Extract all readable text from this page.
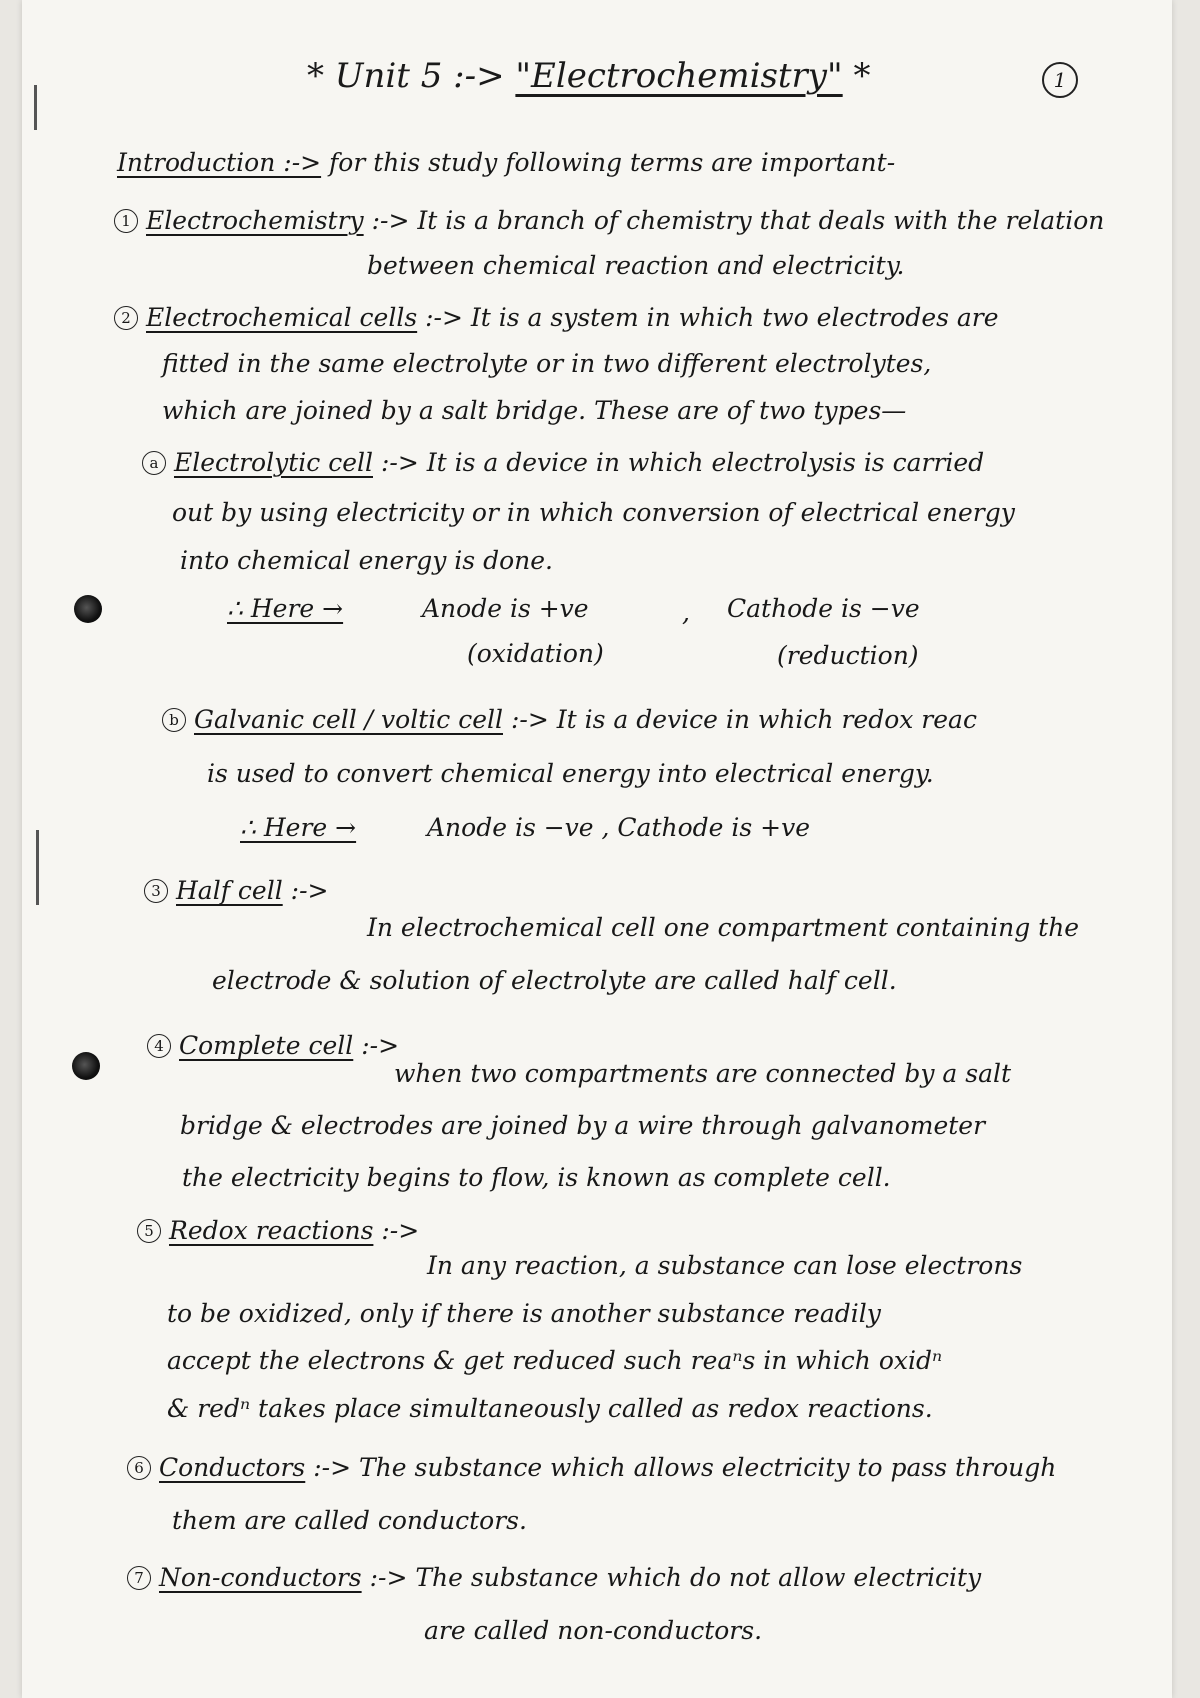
* Unit 5 :-> "Electrochemistry" *	1
Introduction :-> for this study following terms are important-
1 Electrochemistry :-> It is a branch of chemistry that deals with the relation
between chemical reaction and electricity.
2 Electrochemical cells :-> It is a system in which two electrodes are
fitted in the same electrolyte or in two different electrolytes,
which are joined by a salt bridge. These are of two types—
a Electrolytic cell :-> It is a device in which electrolysis is carried
out by using electricity or in which conversion of electrical energy
into chemical energy is done.
∴ Here →	Anode is +ve	, Cathode is −ve
(oxidation)	(reduction)
b Galvanic cell / voltic cell :-> It is a device in which redox reac
is used to convert chemical energy into electrical energy.
∴ Here →	Anode is −ve , Cathode is +ve
3 Half cell :->
In electrochemical cell one compartment containing the
electrode & solution of electrolyte are called half cell.
4 Complete cell :->
when two compartments are connected by a salt
bridge & electrodes are joined by a wire through galvanometer
the electricity begins to flow, is known as complete cell.
5 Redox reactions :->
In any reaction, a substance can lose electrons
to be oxidized, only if there is another substance readily
accept the electrons & get reduced such reaⁿs in which oxidⁿ
& redⁿ takes place simultaneously called as redox reactions.
6 Conductors :-> The substance which allows electricity to pass through
them are called conductors.
7 Non-conductors :-> The substance which do not allow electricity
are called non-conductors.
